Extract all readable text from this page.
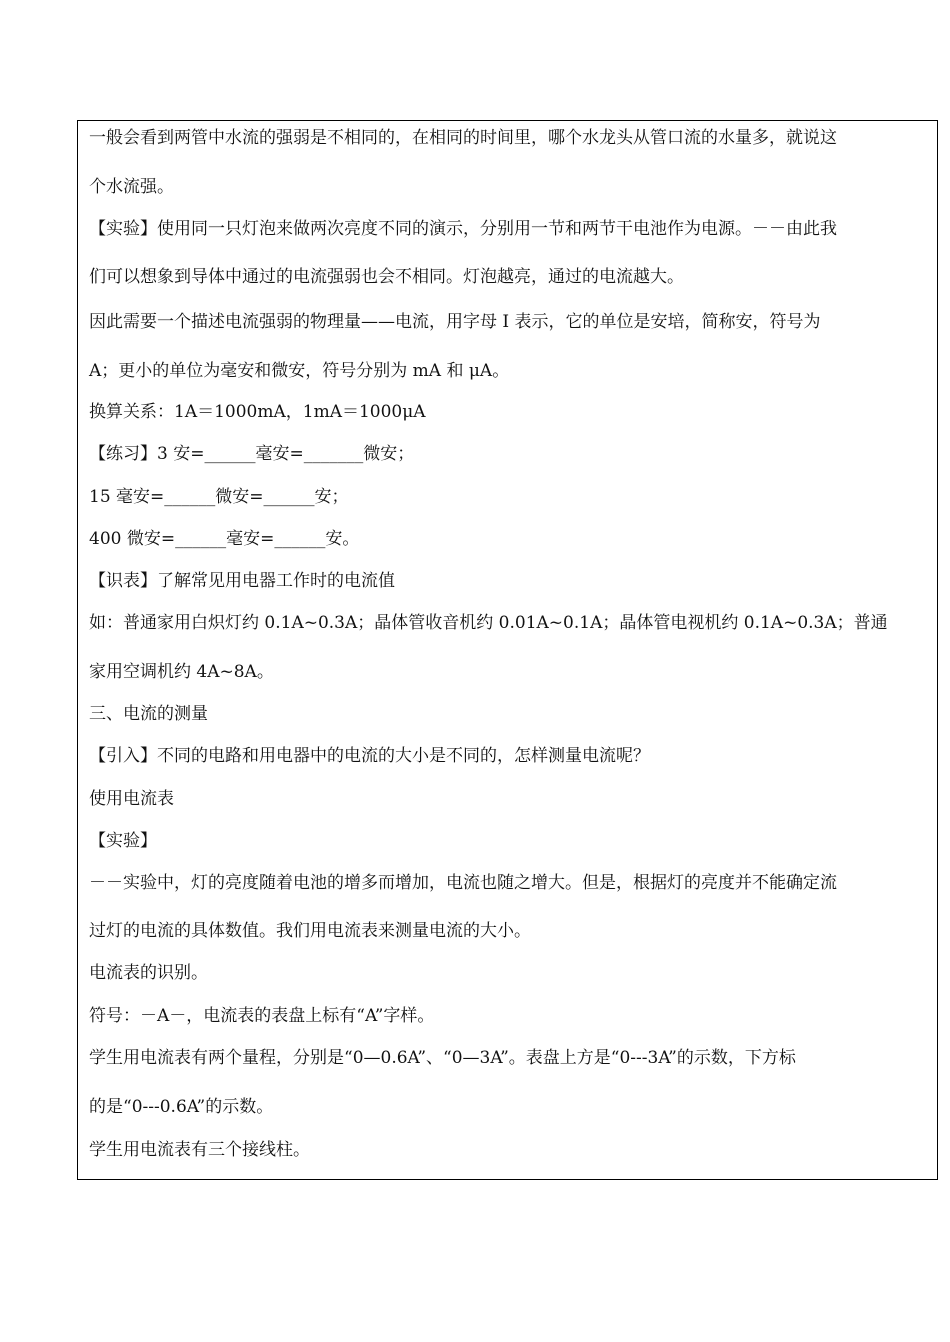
一般会看到两管中水流的强弱是不相同的，在相同的时间里，哪个水龙头从管口流的水量多，就说这

个水流强。

【实验】使用同一只灯泡来做两次亮度不同的演示，分别用一节和两节干电池作为电源。－－由此我

们可以想象到导体中通过的电流强弱也会不相同。灯泡越亮，通过的电流越大。

因此需要一个描述电流强弱的物理量——电流，用字母 I 表示，它的单位是安培，简称安，符号为

A；更小的单位为毫安和微安，符号分别为 mA 和 μA。

换算关系：1A＝1000mA，1mA＝1000μA

【练习】3 安=______毫安=_______微安；

15 毫安=______微安=______安；

400 微安=______毫安=______安。

【识表】了解常见用电器工作时的电流值

如：普通家用白炽灯约 0.1A~0.3A；晶体管收音机约 0.01A~0.1A；晶体管电视机约 0.1A~0.3A；普通

家用空调机约 4A~8A。

三、电流的测量

【引入】不同的电路和用电器中的电流的大小是不同的，怎样测量电流呢？

使用电流表

【实验】

－－实验中，灯的亮度随着电池的增多而增加，电流也随之增大。但是，根据灯的亮度并不能确定流

过灯的电流的具体数值。我们用电流表来测量电流的大小。

电流表的识别。

符号：－A－，电流表的表盘上标有“A”字样。

学生用电流表有两个量程，分别是“0—0.6A”、“0—3A”。表盘上方是“0---3A”的示数，下方标

的是“0---0.6A”的示数。

学生用电流表有三个接线柱。
